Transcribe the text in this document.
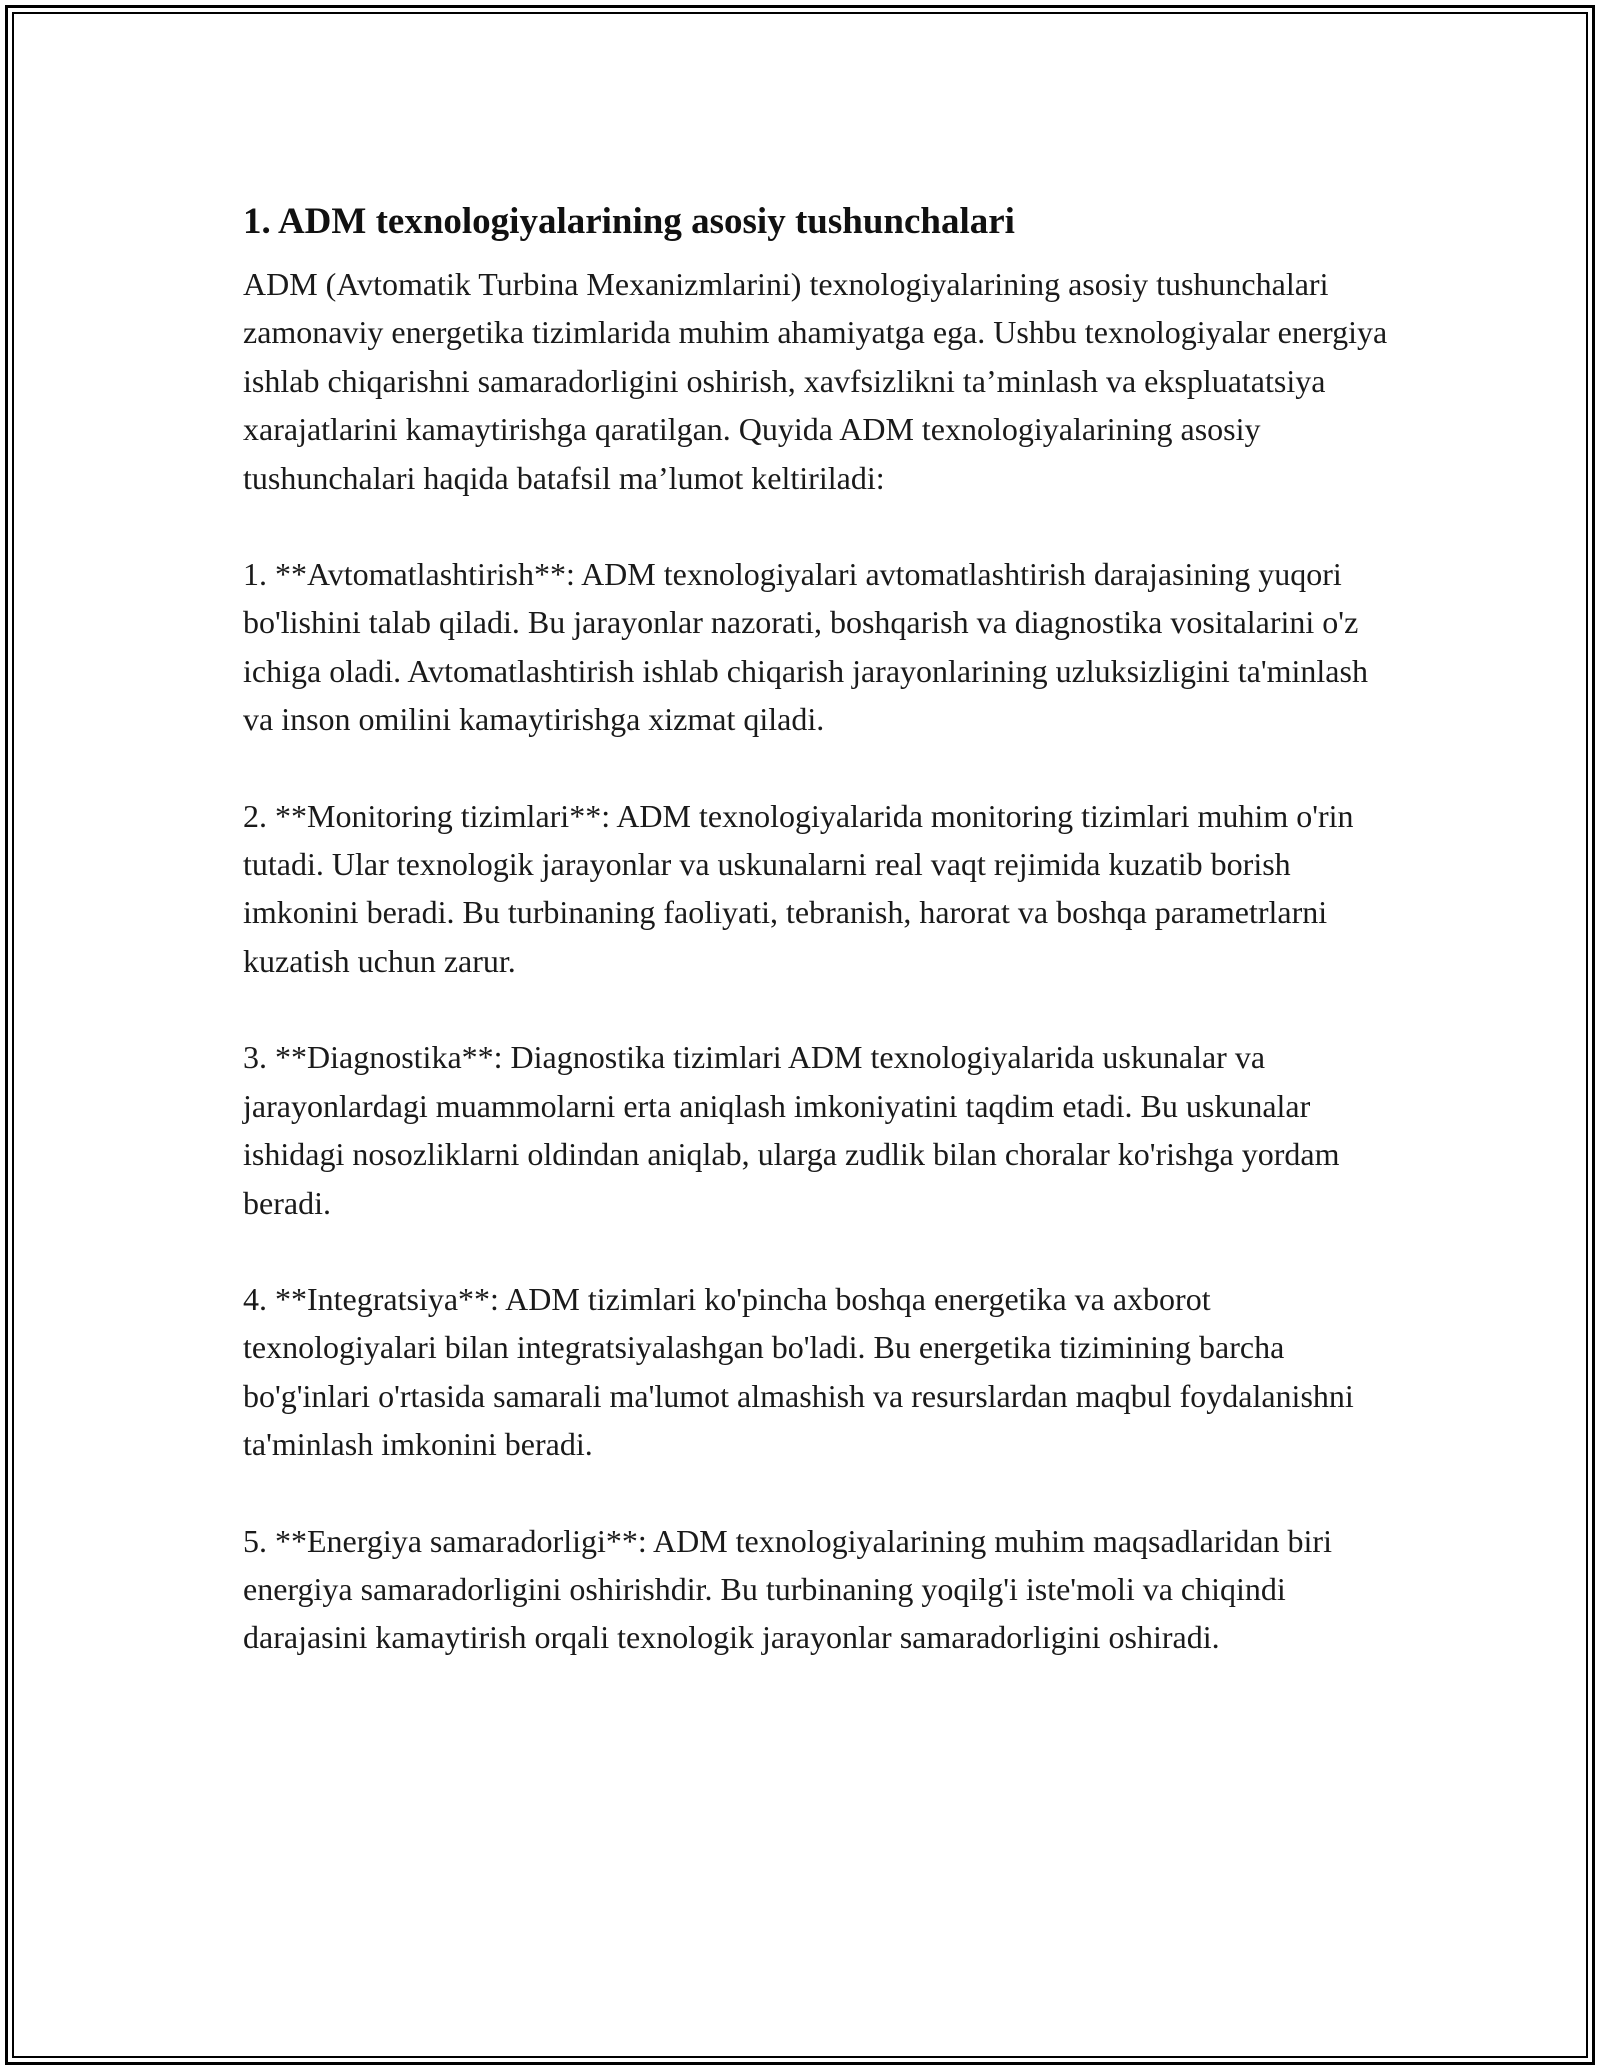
1. ADM texnologiyalarining asosiy tushunchalari

ADM (Avtomatik Turbina Mexanizmlarini) texnologiyalarining asosiy tushunchalari zamonaviy energetika tizimlarida muhim ahamiyatga ega. Ushbu texnologiyalar energiya ishlab chiqarishni samaradorligini oshirish, xavfsizlikni ta’minlash va ekspluatatsiya xarajatlarini kamaytirishga qaratilgan. Quyida ADM texnologiyalarining asosiy tushunchalari haqida batafsil ma’lumot keltiriladi:

1. **Avtomatlashtirish**: ADM texnologiyalari avtomatlashtirish darajasining yuqori bo'lishini talab qiladi. Bu jarayonlar nazorati, boshqarish va diagnostika vositalarini o'z ichiga oladi. Avtomatlashtirish ishlab chiqarish jarayonlarining uzluksizligini ta'minlash va inson omilini kamaytirishga xizmat qiladi.

2. **Monitoring tizimlari**: ADM texnologiyalarida monitoring tizimlari muhim o'rin tutadi. Ular texnologik jarayonlar va uskunalarni real vaqt rejimida kuzatib borish imkonini beradi. Bu turbinaning faoliyati, tebranish, harorat va boshqa parametrlarni kuzatish uchun zarur.

3. **Diagnostika**: Diagnostika tizimlari ADM texnologiyalarida uskunalar va jarayonlardagi muammolarni erta aniqlash imkoniyatini taqdim etadi. Bu uskunalar ishidagi nosozliklarni oldindan aniqlab, ularga zudlik bilan choralar ko'rishga yordam beradi.

4. **Integratsiya**: ADM tizimlari ko'pincha boshqa energetika va axborot texnologiyalari bilan integratsiyalashgan bo'ladi. Bu energetika tizimining barcha bo'g'inlari o'rtasida samarali ma'lumot almashish va resurslardan maqbul foydalanishni ta'minlash imkonini beradi.

5. **Energiya samaradorligi**: ADM texnologiyalarining muhim maqsadlaridan biri energiya samaradorligini oshirishdir. Bu turbinaning yoqilg'i iste'moli va chiqindi darajasini kamaytirish orqali texnologik jarayonlar samaradorligini oshiradi.
